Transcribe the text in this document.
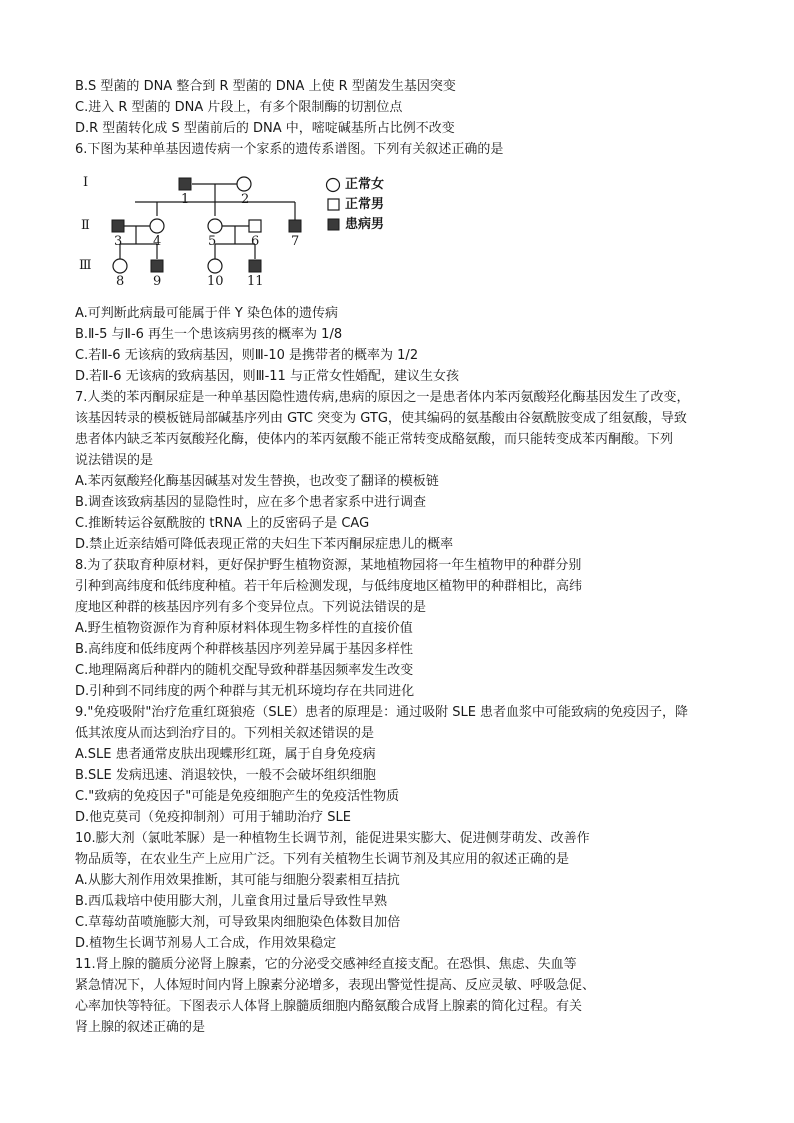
B.S 型菌的 DNA 整合到 R 型菌的 DNA 上使 R 型菌发生基因突变
C.进入 R 型菌的 DNA 片段上，有多个限制酶的切割位点
D.R 型菌转化成 S 型菌前后的 DNA 中，嘧啶碱基所占比例不改变
6.下图为某种单基因遗传病一个家系的遗传系谱图。下列有关叙述正确的是
Ⅰ
Ⅱ
Ⅲ
1	2
3 4	5	6 7
8 9	10 11
正常女
正常男
患病男
A.可判断此病最可能属于伴 Y 染色体的遗传病
B.Ⅱ-5 与Ⅱ-6 再生一个患该病男孩的概率为 1/8
C.若Ⅱ-6 无该病的致病基因，则Ⅲ-10 是携带者的概率为 1/2
D.若Ⅱ-6 无该病的致病基因，则Ⅲ-11 与正常女性婚配，建议生女孩
7.人类的苯丙酮尿症是一种单基因隐性遗传病,患病的原因之一是患者体内苯丙氨酸羟化酶基因发生了改变，
该基因转录的模板链局部碱基序列由 GTC 突变为 GTG，使其编码的氨基酸由谷氨酰胺变成了组氨酸，导致
患者体内缺乏苯丙氨酸羟化酶，使体内的苯丙氨酸不能正常转变成酪氨酸，而只能转变成苯丙酮酸。下列
说法错误的是
A.苯丙氨酸羟化酶基因碱基对发生替换，也改变了翻译的模板链
B.调查该致病基因的显隐性时，应在多个患者家系中进行调查
C.推断转运谷氨酰胺的 tRNA 上的反密码子是 CAG
D.禁止近亲结婚可降低表现正常的夫妇生下苯丙酮尿症患儿的概率
8.为了获取育种原材料，更好保护野生植物资源，某地植物园将一年生植物甲的种群分别
引种到高纬度和低纬度种植。若干年后检测发现，与低纬度地区植物甲的种群相比，高纬
度地区种群的核基因序列有多个变异位点。下列说法错误的是
A.野生植物资源作为育种原材料体现生物多样性的直接价值
B.高纬度和低纬度两个种群核基因序列差异属于基因多样性
C.地理隔离后种群内的随机交配导致种群基因频率发生改变
D.引种到不同纬度的两个种群与其无机环境均存在共同进化
9."免疫吸附"治疗危重红斑狼疮（SLE）患者的原理是：通过吸附 SLE 患者血浆中可能致病的免疫因子，降
低其浓度从而达到治疗目的。下列相关叙述错误的是
A.SLE 患者通常皮肤出现蝶形红斑，属于自身免疫病
B.SLE 发病迅速、消退较快，一般不会破坏组织细胞
C."致病的免疫因子"可能是免疫细胞产生的免疫活性物质
D.他克莫司（免疫抑制剂）可用于辅助治疗 SLE
10.膨大剂（氯吡苯脲）是一种植物生长调节剂，能促进果实膨大、促进侧芽萌发、改善作
物品质等，在农业生产上应用广泛。下列有关植物生长调节剂及其应用的叙述正确的是
A.从膨大剂作用效果推断，其可能与细胞分裂素相互拮抗
B.西瓜栽培中使用膨大剂，儿童食用过量后导致性早熟
C.草莓幼苗喷施膨大剂，可导致果肉细胞染色体数目加倍
D.植物生长调节剂易人工合成，作用效果稳定
11.肾上腺的髓质分泌肾上腺素，它的分泌受交感神经直接支配。在恐惧、焦虑、失血等
紧急情况下，人体短时间内肾上腺素分泌增多，表现出警觉性提高、反应灵敏、呼吸急促、
心率加快等特征。下图表示人体肾上腺髓质细胞内酪氨酸合成肾上腺素的简化过程。有关
肾上腺的叙述正确的是
